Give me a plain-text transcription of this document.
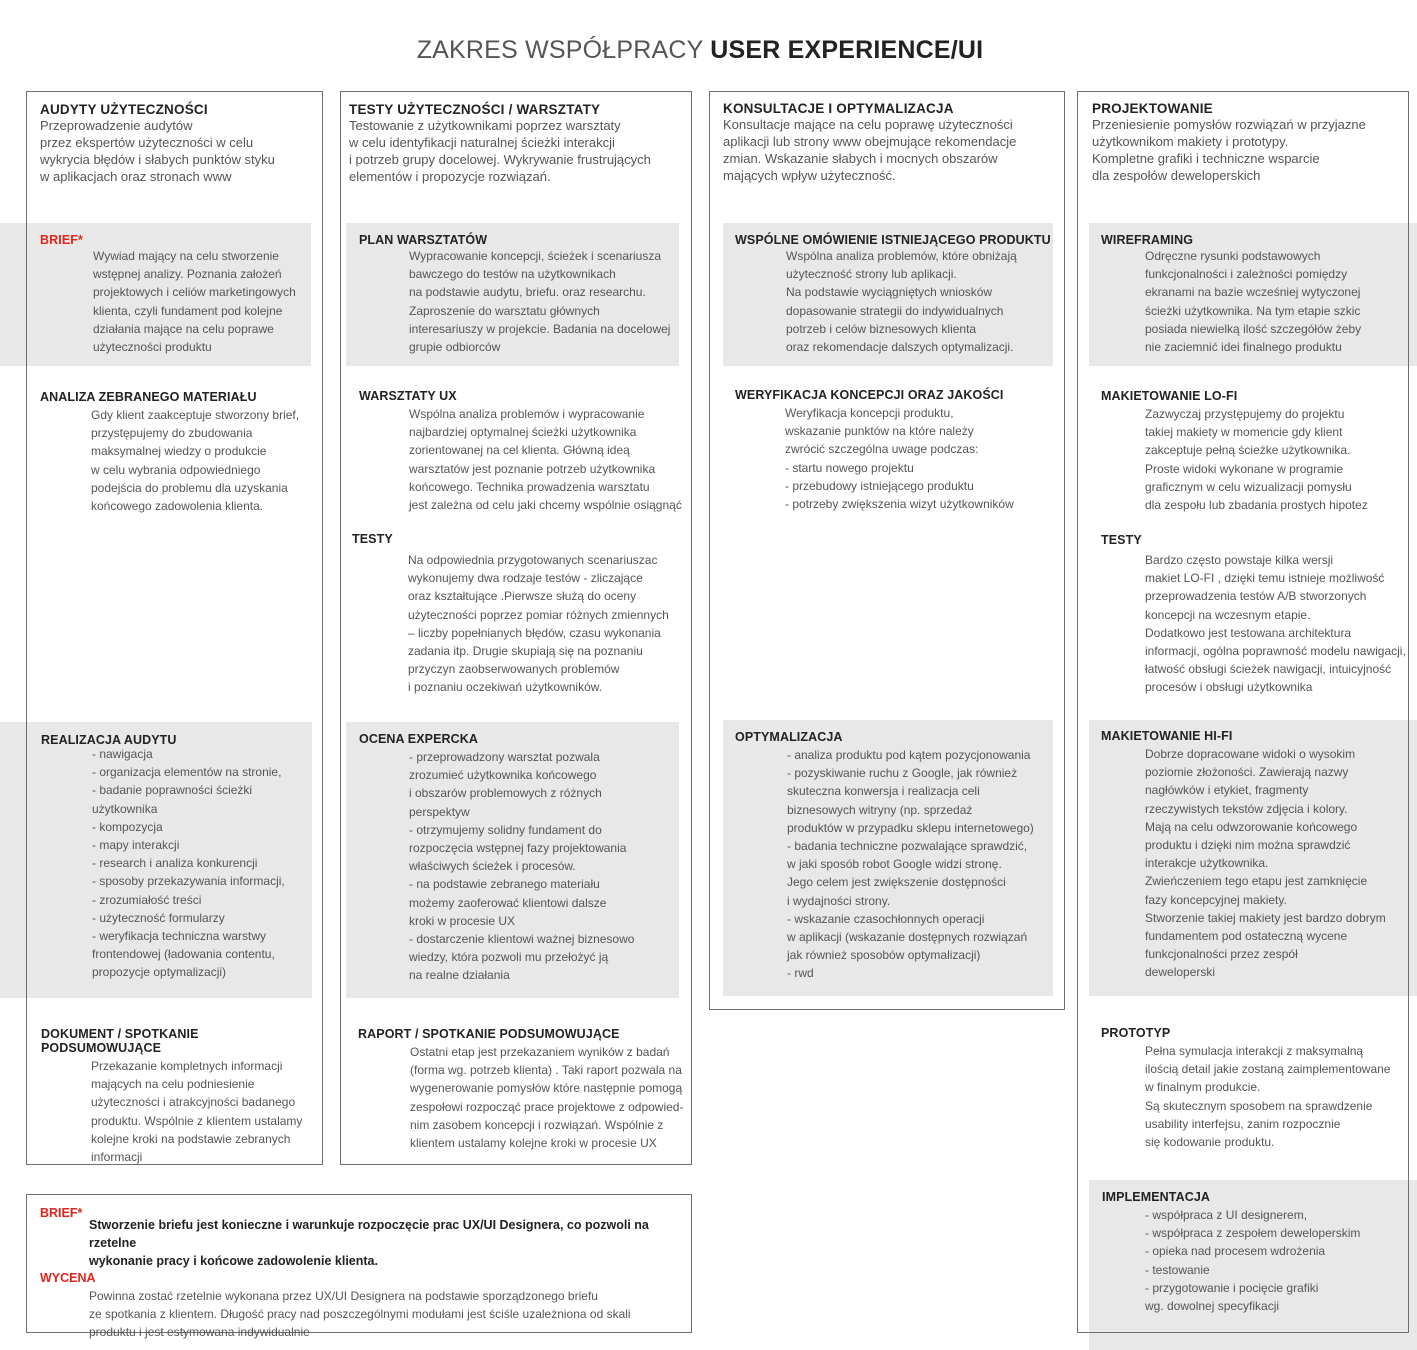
ZAKRES WSPÓŁPRACY USER EXPERIENCE/UI
AUDYTY UŻYTECZNOŚCI

Przeprowadzenie audytów
przez ekspertów użyteczności w celu
wykrycia błędów i słabych punktów styku
w aplikacjach oraz stronach www

BRIEF*

Wywiad mający na celu stworzenie
wstępnej analizy. Poznania założeń
projektowych i celiów marketingowych
klienta, czyli fundament pod kolejne
działania mające na celu poprawe
użyteczności produktu

ANALIZA ZEBRANEGO MATERIAŁU

Gdy klient zaakceptuje stworzony brief,
przystępujemy do zbudowania
maksymalnej wiedzy o produkcie
w celu wybrania odpowiedniego
podejścia do problemu dla uzyskania
końcowego zadowolenia klienta.

REALIZACJA AUDYTU

- nawigacja
- organizacja elementów na stronie,
- badanie poprawności ścieżki
użytkownika
- kompozycja
- mapy interakcji
- research i analiza konkurencji
- sposoby przekazywania informacji,
- zrozumiałość treści
- użyteczność formularzy
- weryfikacja techniczna warstwy
frontendowej (ładowania contentu,
propozycje optymalizacji)

DOKUMENT / SPOTKANIE PODSUMOWUJĄCE

Przekazanie kompletnych informacji
mających na celu podniesienie
użyteczności i atrakcyjności badanego
produktu. Wspólnie z klientem ustalamy
kolejne kroki na podstawie zebranych
informacji

TESTY UŻYTECZNOŚCI / WARSZTATY

Testowanie z użytkownikami poprzez warsztaty
w celu identyfikacji naturalnej ścieżki interakcji
i potrzeb grupy docelowej. Wykrywanie frustrujących
elementów i propozycje rozwiązań.

PLAN WARSZTATÓW

Wypracowanie koncepcji, ścieżek i scenariusza
bawczego do testów na użytkownikach
na podstawie audytu, briefu. oraz researchu.
Zaproszenie do warsztatu głównych
interesariuszy w projekcie. Badania na docelowej
grupie odbiorców

WARSZTATY UX

Wspólna analiza problemów i wypracowanie
najbardziej optymalnej ścieżki użytkownika
zorientowanej na cel klienta. Główną ideą
warsztatów jest poznanie potrzeb użytkownika
końcowego. Technika prowadzenia warsztatu
jest zależna od celu jaki chcemy wspólnie osiągnąć

TESTY

Na odpowiednia przygotowanych scenariuszac
wykonujemy dwa rodzaje testów - zliczające
oraz kształtujące .Pierwsze służą do oceny
użyteczności poprzez pomiar różnych zmiennych
– liczby popełnianych błędów, czasu wykonania
zadania itp. Drugie skupiają się na poznaniu
przyczyn zaobserwowanych problemów
i poznaniu oczekiwań użytkowników.

OCENA EXPERCKA

- przeprowadzony warsztat pozwala
zrozumieć użytkownika końcowego
i obszarów problemowych z różnych
perspektyw
- otrzymujemy solidny fundament do
rozpoczęcia wstępnej fazy projektowania
właściwych ścieżek i procesów.
- na podstawie zebranego materiału
możemy zaoferować klientowi dalsze
kroki w procesie UX
- dostarczenie klientowi ważnej biznesowo
wiedzy, która pozwoli mu przełożyć ją
na realne działania

RAPORT / SPOTKANIE PODSUMOWUJĄCE

Ostatni etap jest przekazaniem wyników z badań
(forma wg. potrzeb klienta) . Taki raport pozwala na
wygenerowanie pomysłów które następnie pomogą
zespołowi rozpocząć prace projektowe z odpowied-
nim zasobem koncepcji i rozwiązań. Wspólnie z
klientem ustalamy kolejne kroki w procesie UX

KONSULTACJE I OPTYMALIZACJA

Konsultacje mające na celu poprawę użyteczności
aplikacji lub strony www obejmujące rekomendacje
zmian. Wskazanie słabych i mocnych obszarów
mających wpływ użyteczność.

WSPÓLNE OMÓWIENIE ISTNIEJĄCEGO PRODUKTU

Wspólna analiza problemów, które obniżają
użyteczność strony lub aplikacji.
Na podstawie wyciągniętych wniosków
dopasowanie strategii do indywidualnych
potrzeb i celów biznesowych klienta
oraz rekomendacje dalszych optymalizacji.

WERYFIKACJA KONCEPCJI ORAZ JAKOŚCI

Weryfikacja koncepcji produktu,
wskazanie punktów na które należy
zwrócić szczególna uwage podczas:
- startu nowego projektu
- przebudowy istniejącego produktu
- potrzeby zwiększenia wizyt użytkowników

OPTYMALIZACJA

- analiza produktu pod kątem pozycjonowania
- pozyskiwanie ruchu z Google, jak również
skuteczna konwersja i realizacja celi
biznesowych witryny (np. sprzedaż
produktów w przypadku sklepu internetowego)
- badania techniczne pozwalające sprawdzić,
w jaki sposób robot Google widzi stronę.
Jego celem jest zwiększenie dostępności
i wydajności strony.
- wskazanie czasochłonnych operacji
w aplikacji (wskazanie dostępnych rozwiązań
jak również sposobów optymalizacji)
- rwd

PROJEKTOWANIE

Przeniesienie pomysłów rozwiązań w przyjazne
użytkownikom makiety i prototypy.
Kompletne grafiki i techniczne wsparcie
dla zespołów deweloperskich

WIREFRAMING

Odręczne rysunki podstawowych
funkcjonalności i zależności pomiędzy
ekranami na bazie wcześniej wytyczonej
ścieżki użytkownika. Na tym etapie szkic
posiada niewielką ilość szczegółów żeby
nie zaciemnić idei finalnego produktu

MAKIETOWANIE LO-FI

Zazwyczaj przystępujemy do projektu
takiej makiety w momencie gdy klient
zakceptuje pełną ścieżke użytkownika.
Proste widoki wykonane w programie
graficznym w celu wizualizacji pomysłu
dla zespołu lub zbadania prostych hipotez

TESTY

Bardzo często powstaje kilka wersji
makiet LO-FI , dzięki temu istnieje możliwość
przeprowadzenia testów A/B stworzonych
koncepcji na wczesnym etapie.
Dodatkowo jest testowana architektura
informacji, ogólna poprawność modelu nawigacji,
łatwość obsługi ścieżek nawigacji, intuicyjność
procesów i obsługi użytkownika

MAKIETOWANIE HI-FI

Dobrze dopracowane widoki o wysokim
poziomie złożoności. Zawierają nazwy
nagłówków i etykiet, fragmenty
rzeczywistych tekstów zdjęcia i kolory.
Mają na celu odwzorowanie końcowego
produktu i dzięki nim można sprawdzić
interakcje użytkownika.
Zwieńczeniem tego etapu jest zamknięcie
fazy koncepcyjnej makiety.
Stworzenie takiej makiety jest bardzo dobrym
fundamentem pod ostateczną wycene
funkcjonalności przez zespół
deweloperski

PROTOTYP

Pełna symulacja interakcji z maksymalną
ilością detail jakie zostaną zaimplementowane
w finalnym produkcie.
Są skutecznym sposobem na sprawdzenie
usability interfejsu, zanim rozpocznie
się kodowanie produktu.

IMPLEMENTACJA

- współpraca z UI designerem,
- współpraca z zespołem deweloperskim
- opieka nad procesem wdrożenia
- testowanie
- przygotowanie i pocięcie grafiki
wg. dowolnej specyfikacji

BRIEF*
Stworzenie briefu jest konieczne i warunkuje rozpoczęcie prac UX/UI Designera, co pozwoli na rzetelne
wykonanie pracy i końcowe zadowolenie klienta.
WYCENA
Powinna zostać rzetelnie wykonana przez UX/UI Designera na podstawie sporządzonego briefu
ze spotkania z klientem. Długość pracy nad poszczególnymi modułami jest ściśle uzależniona od skali
produktu i jest estymowana indywidualnie
